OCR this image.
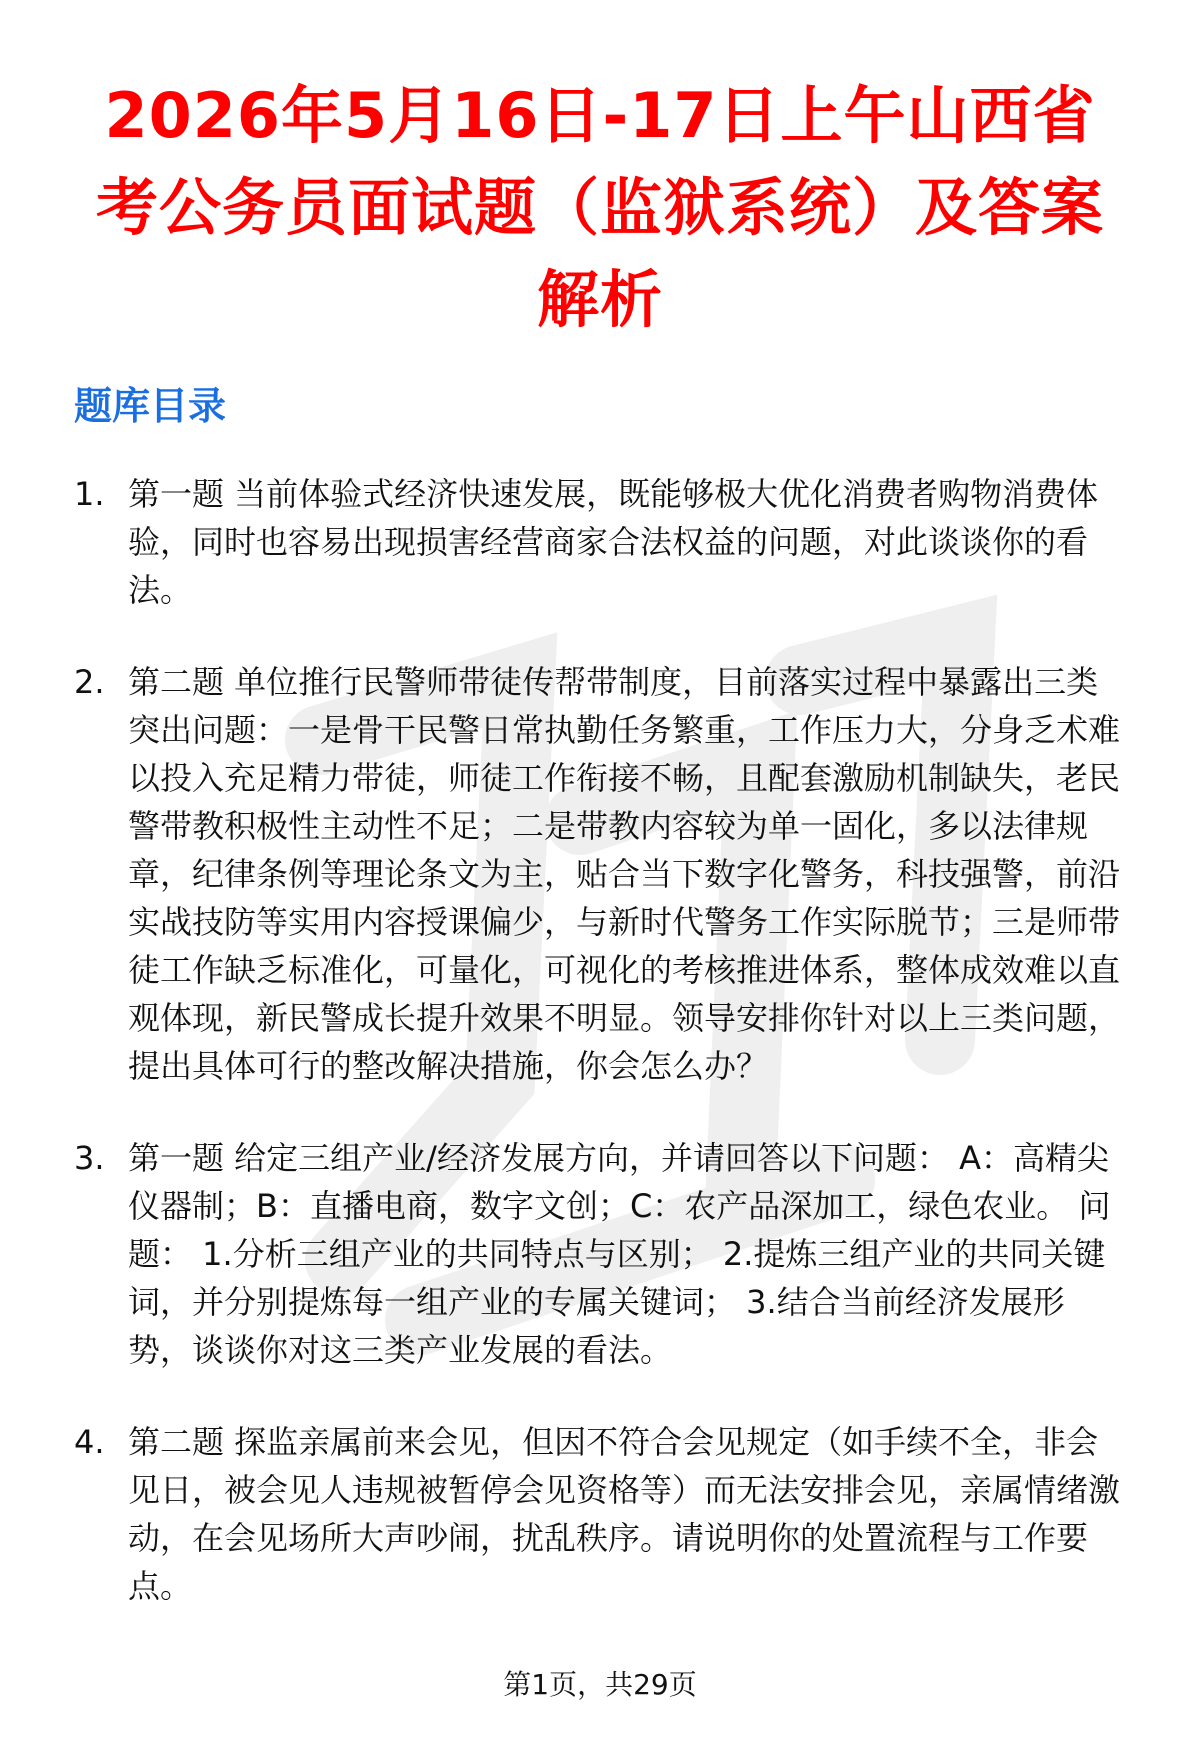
2026年5月16日-17日上午山西省考公务员面试题（监狱系统）及答案解析
题库目录
1. 第一题 当前体验式经济快速发展，既能够极大优化消费者购物消费体验，同时也容易出现损害经营商家合法权益的问题，对此谈谈你的看法。
2. 第二题 单位推行民警师带徒传帮带制度，目前落实过程中暴露出三类突出问题：一是骨干民警日常执勤任务繁重，工作压力大，分身乏术难以投入充足精力带徒，师徒工作衔接不畅，且配套激励机制缺失，老民警带教积极性主动性不足；二是带教内容较为单一固化，多以法律规章，纪律条例等理论条文为主，贴合当下数字化警务，科技强警，前沿实战技防等实用内容授课偏少，与新时代警务工作实际脱节；三是师带徒工作缺乏标准化，可量化，可视化的考核推进体系，整体成效难以直观体现，新民警成长提升效果不明显。领导安排你针对以上三类问题，提出具体可行的整改解决措施，你会怎么办？
3. 第一题 给定三组产业/经济发展方向，并请回答以下问题： A：高精尖仪器制；B：直播电商，数字文创；C：农产品深加工，绿色农业。 问题： 1.分析三组产业的共同特点与区别； 2.提炼三组产业的共同关键词，并分别提炼每一组产业的专属关键词； 3.结合当前经济发展形势，谈谈你对这三类产业发展的看法。
4. 第二题 探监亲属前来会见，但因不符合会见规定（如手续不全，非会见日，被会见人违规被暂停会见资格等）而无法安排会见，亲属情绪激动，在会见场所大声吵闹，扰乱秩序。请说明你的处置流程与工作要点。
第1页，共29页
